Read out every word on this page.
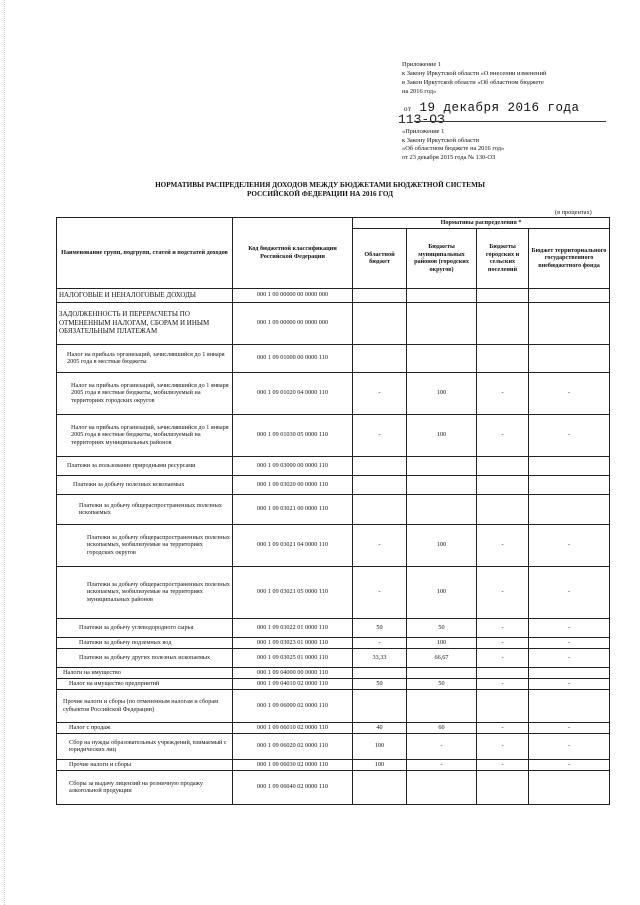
Приложение 1
к Закону Иркутской области «О внесении изменений
в Закон Иркутской области «Об областном бюджете
на 2016 год»
от 19 декабря 2016 года
113-ОЗ
«Приложение 1
к Закону Иркутской области
«Об областном бюджете на 2016 год»
от 23 декабря 2015 года № 130-ОЗ
НОРМАТИВЫ РАСПРЕДЕЛЕНИЯ ДОХОДОВ МЕЖДУ БЮДЖЕТАМИ БЮДЖЕТНОЙ СИСТЕМЫ
РОССИЙСКОЙ ФЕДЕРАЦИИ НА 2016 ГОД
(в процентах)
Наименование групп, подгрупп, статей и подстатей доходов	Код бюджетной классификации Российской Федерации	Нормативы распределения *			
		Областной бюджет	Бюджеты муниципальных районов (городских округов)	Бюджеты городских и сельских поселений	Бюджет территориального государственного внебюджетного фонда
НАЛОГОВЫЕ И НЕНАЛОГОВЫЕ ДОХОДЫ	000 1 00 00000 00 0000 000				
ЗАДОЛЖЕННОСТЬ И ПЕРЕРАСЧЕТЫ ПО ОТМЕНЕННЫМ НАЛОГАМ, СБОРАМ И ИНЫМ ОБЯЗАТЕЛЬНЫМ ПЛАТЕЖАМ	000 1 09 00000 00 0000 000				
Налог на прибыль организаций, зачислявшийся до 1 января 2005 года в местные бюджеты	000 1 09 01000 00 0000 110				
Налог на прибыль организаций, зачислявшийся до 1 января 2005 года в местные бюджеты, мобилизуемый на территориях городских округов	000 1 09 01020 04 0000 110	-	100	-	-
Налог на прибыль организаций, зачислявшийся до 1 января 2005 года в местные бюджеты, мобилизуемый на территориях муниципальных районов	000 1 09 01030 05 0000 110	-	100	-	-
Платежи за пользование природными ресурсами	000 1 09 03000 00 0000 110				
Платежи за добычу полезных ископаемых	000 1 09 03020 00 0000 110				
Платежи за добычу общераспространенных полезных ископаемых	000 1 09 03021 00 0000 110				
Платежи за добычу общераспространенных полезных ископаемых, мобилизуемые на территориях городских округов	000 1 09 03021 04 0000 110	-	100	-	-
Платежи за добычу общераспространенных полезных ископаемых, мобилизуемые на территориях муниципальных районов	000 1 09 03021 05 0000 110	-	100	-	-
Платежи за добычу углеводородного сырья	000 1 09 03022 01 0000 110	50	50	-	-
Платежи за добычу подземных вод	000 1 09 03023 01 0000 110	-	100	-	-
Платежи за добычу других полезных ископаемых	000 1 09 03025 01 0000 110	33,33	66,67	-	-
Налоги на имущество	000 1 09 04000 00 0000 110				
Налог на имущество предприятий	000 1 09 04010 02 0000 110	50	50	-	-
Прочие налоги и сборы (по отмененным налогам и сборам субъектов Российской Федерации)	000 1 09 06000 02 0000 110				
Налог с продаж	000 1 09 06010 02 0000 110	40	60	-	-
Сбор на нужды образовательных учреждений, взимаемый с юридических лиц	000 1 09 06020 02 0000 110	100	-	-	-
Прочие налоги и сборы	000 1 09 06030 02 0000 110	100	-	-	-
Сборы за выдачу лицензий на розничную продажу алкогольной продукции	000 1 09 06040 02 0000 110				
